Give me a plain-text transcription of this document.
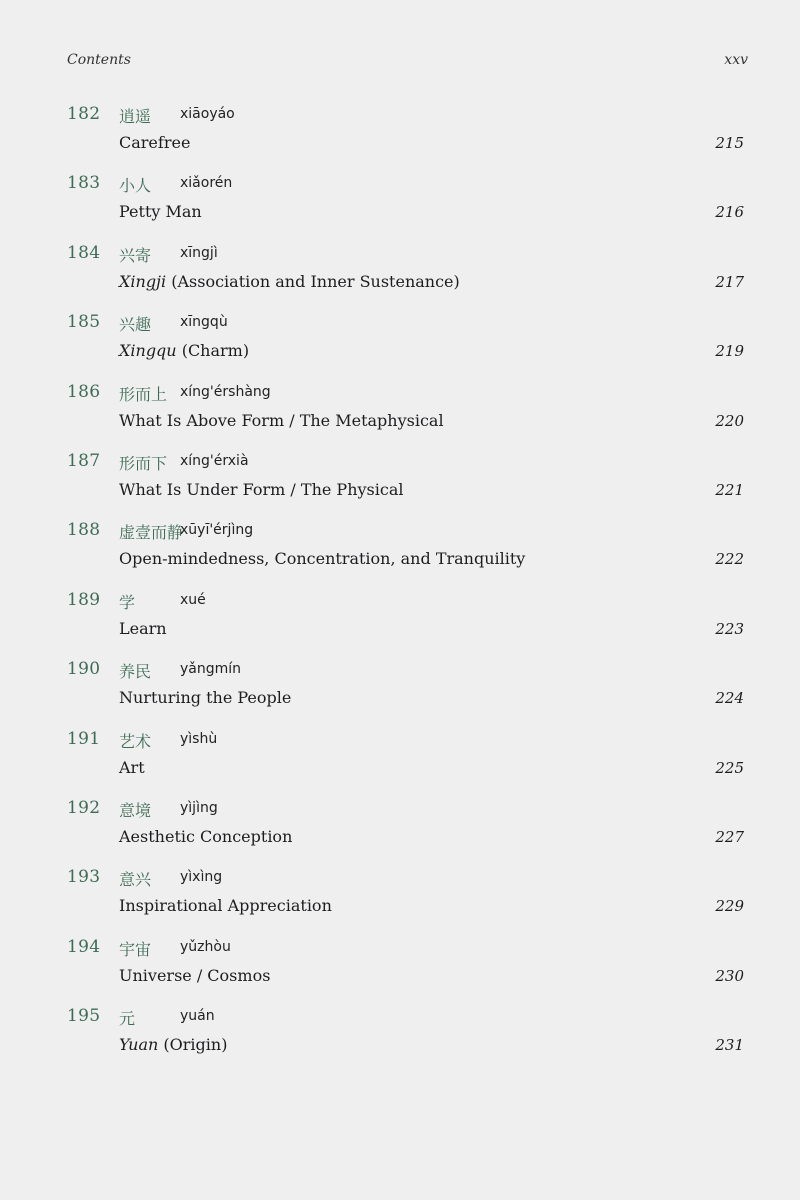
Contents	xxv
182 逍遥 xiāoyáo
Carefree	215
183 小人 xiǎorén
Petty Man	216
184 兴寄 xīngjì
Xingji (Association and Inner Sustenance)	217
185 兴趣 xīngqù
Xingqu (Charm)	219
186 形而上 xíng'érshàng
What Is Above Form / The Metaphysical	220
187 形而下 xíng'érxià
What Is Under Form / The Physical	221
188 虚壹而静
xūyī'érjìng
Open-mindedness, Concentration, and Tranquility	222
189 学	xué
Learn	223
190 养民 yǎngmín
Nurturing the People	224
191 艺术 yìshù
Art	225
192 意境 yìjìng
Aesthetic Conception	227
193 意兴 yìxìng
Inspirational Appreciation	229
194 宇宙 yǔzhòu
Universe / Cosmos	230
195 元	yuán
Yuan (Origin)	231
